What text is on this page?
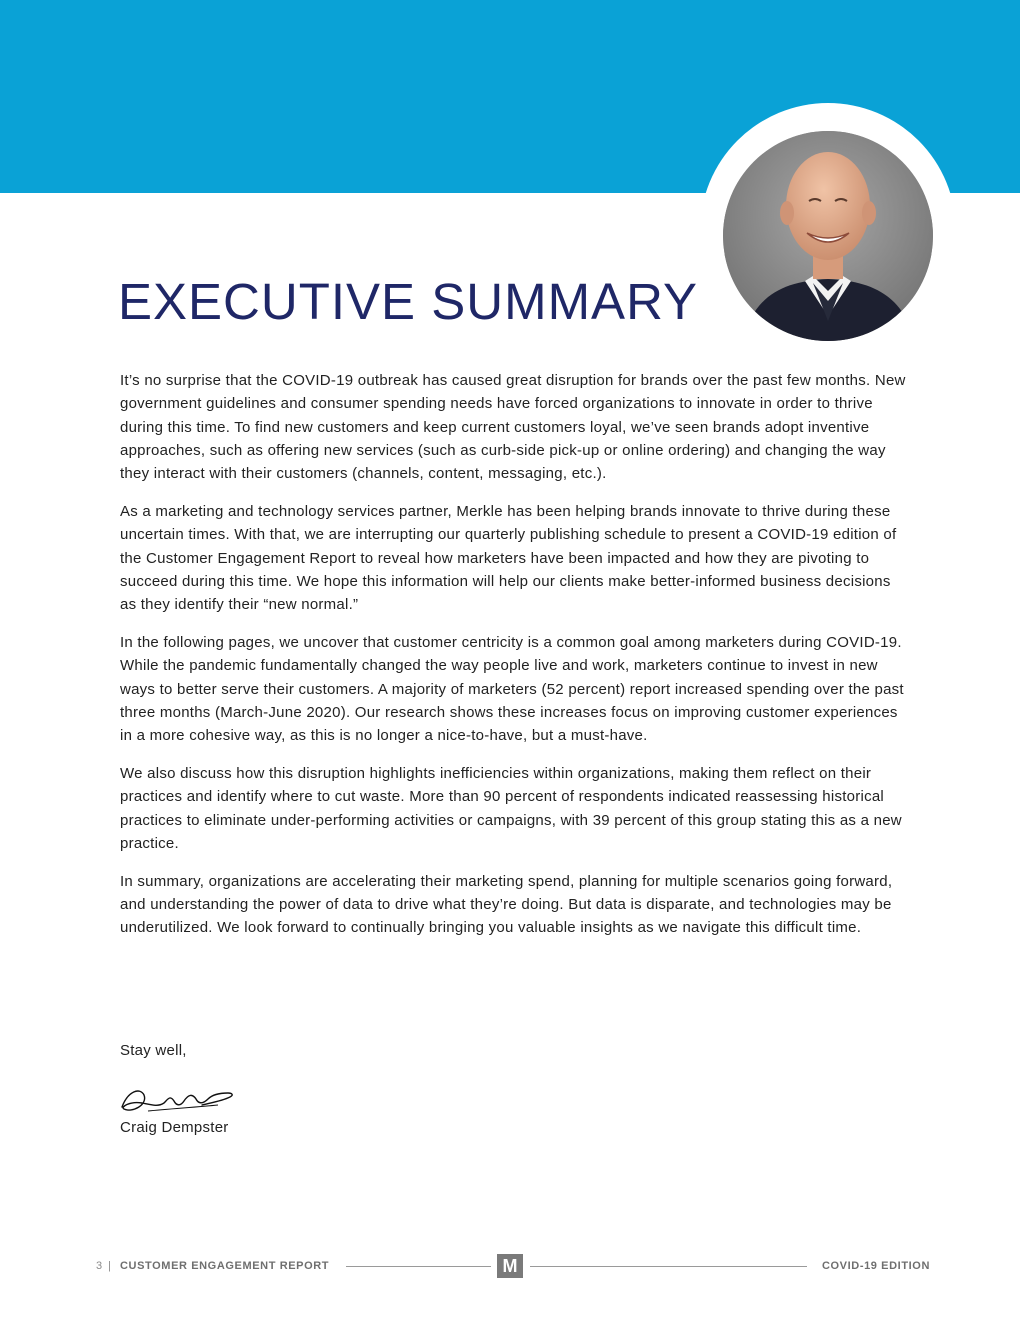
EXECUTIVE SUMMARY

It’s no surprise that the COVID-19 outbreak has caused great disruption for brands over the past few months. New government guidelines and consumer spending needs have forced organizations to innovate in order to thrive during this time. To find new customers and keep current customers loyal, we’ve seen brands adopt inventive approaches, such as offering new services (such as curb-side pick-up or online ordering) and changing the way they interact with their customers (channels, content, messaging, etc.).

As a marketing and technology services partner, Merkle has been helping brands innovate to thrive during these uncertain times. With that, we are interrupting our quarterly publishing schedule to present a COVID-19 edition of the Customer Engagement Report to reveal how marketers have been impacted and how they are pivoting to succeed during this time. We hope this information will help our clients make better-informed business decisions as they identify their “new normal.”

In the following pages, we uncover that customer centricity is a common goal among marketers during COVID-19. While the pandemic fundamentally changed the way people live and work, marketers continue to invest in new ways to better serve their customers. A majority of marketers (52 percent) report increased spending over the past three months (March-June 2020). Our research shows these increases focus on improving customer experiences in a more cohesive way, as this is no longer a nice-to-have, but a must-have.

We also discuss how this disruption highlights inefficiencies within organizations, making them reflect on their practices and identify where to cut waste. More than 90 percent of respondents indicated reassessing historical practices to eliminate under-performing activities or campaigns, with 39 percent of this group stating this as a new practice.

In summary, organizations are accelerating their marketing spend, planning for multiple scenarios going forward, and understanding the power of data to drive what they’re doing. But data is disparate, and technologies may be underutilized. We look forward to continually bringing you valuable insights as we navigate this difficult time.

Stay well,

Craig Dempster

3 | CUSTOMER ENGAGEMENT REPORT	M	COVID-19 EDITION
